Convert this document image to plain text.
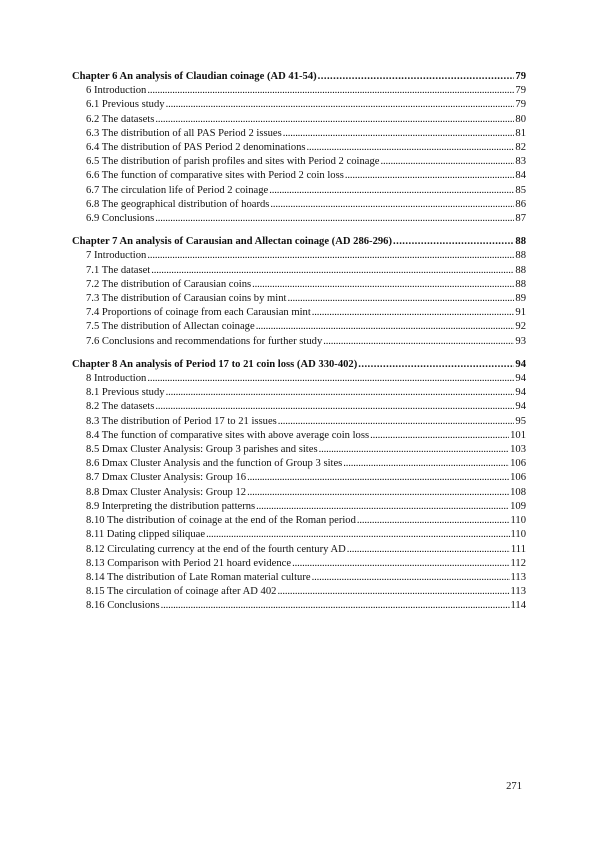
Chapter 6 An analysis of Claudian coinage (AD 41-54) . . .	79
6 Introduction . . .	79
6.1 Previous study . . .	79
6.2 The datasets . . .	80
6.3 The distribution of all PAS Period 2 issues . . .	81
6.4 The distribution of PAS Period 2 denominations . . .	82
6.5 The distribution of parish profiles and sites with Period 2 coinage . . .	83
6.6 The function of comparative sites with Period 2 coin loss . . .	84
6.7 The circulation life of Period 2 coinage . . .	85
6.8 The geographical distribution of hoards . . .	86
6.9 Conclusions . . .	87
Chapter 7 An analysis of Carausian and Allectan coinage (AD 286-296) . . .	88
7 Introduction . . .	88
7.1 The dataset . . .	88
7.2 The distribution of Carausian coins . . .	88
7.3 The distribution of Carausian coins by mint . . .	89
7.4 Proportions of coinage from each Carausian mint . . .	91
7.5 The distribution of Allectan coinage . . .	92
7.6 Conclusions and recommendations for further study . . .	93
Chapter 8 An analysis of Period 17 to 21 coin loss (AD 330-402) . . .	94
8 Introduction . . .	94
8.1 Previous study . . .	94
8.2 The datasets . . .	94
8.3 The distribution of Period 17 to 21 issues . . .	95
8.4 The function of comparative sites with above average coin loss . . .	101
8.5 Dmax Cluster Analysis: Group 3 parishes and sites . . .	103
8.6 Dmax Cluster Analysis and the function of Group 3 sites . . .	106
8.7 Dmax Cluster Analysis: Group 16 . . .	106
8.8 Dmax Cluster Analysis: Group 12 . . .	108
8.9 Interpreting the distribution patterns . . .	109
8.10 The distribution of coinage at the end of the Roman period . . .	110
8.11 Dating clipped siliquae . . .	110
8.12 Circulating currency at the end of the fourth century AD . . .	111
8.13 Comparison with Period 21 hoard evidence . . .	112
8.14 The distribution of Late Roman material culture . . .	113
8.15 The circulation of coinage after AD 402 . . .	113
8.16 Conclusions . . .	114
271
